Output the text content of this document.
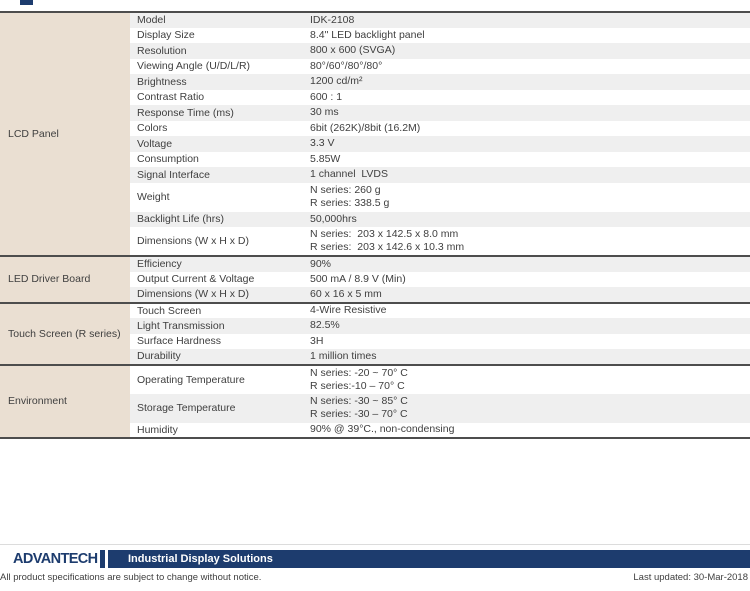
LCD Panel	Model	IDK-2108

	Display Size	8.4" LED backlight panel

	Resolution	800 x 600 (SVGA)

	Viewing Angle (U/D/L/R)	80°/60°/80°/80°

	Brightness	1200 cd/m²

	Contrast Ratio	600 : 1

	Response Time (ms)	30 ms

	Colors	6bit (262K)/8bit (16.2M)

	Voltage	3.3 V

	Consumption	5.85W

	Signal Interface	1 channel  LVDS

	Weight	N series: 260 g
R series: 338.5 g

	Backlight Life (hrs)	50,000hrs

	Dimensions (W x H x D)	N series:  203 x 142.5 x 8.0 mm
R series:  203 x 142.6 x 10.3 mm

LED Driver Board	Efficiency	90%

	Output Current & Voltage	500 mA / 8.9 V (Min)

	Dimensions (W x H x D)	60 x 16 x 5 mm

Touch Screen (R series)	Touch Screen	4-Wire Resistive

	Light Transmission	82.5%

	Surface Hardness	3H

	Durability	1 million times

Environment	Operating Temperature	N series: -20 ~ 70° C
R series:-10 – 70° C

	Storage Temperature	N series: -30 ~ 85° C
R series: -30 – 70° C

	Humidity	90% @ 39°C., non-condensing
ADVANTECH	Industrial Display Solutions
All product specifications are subject to change without notice.	Last updated: 30-Mar-2018
